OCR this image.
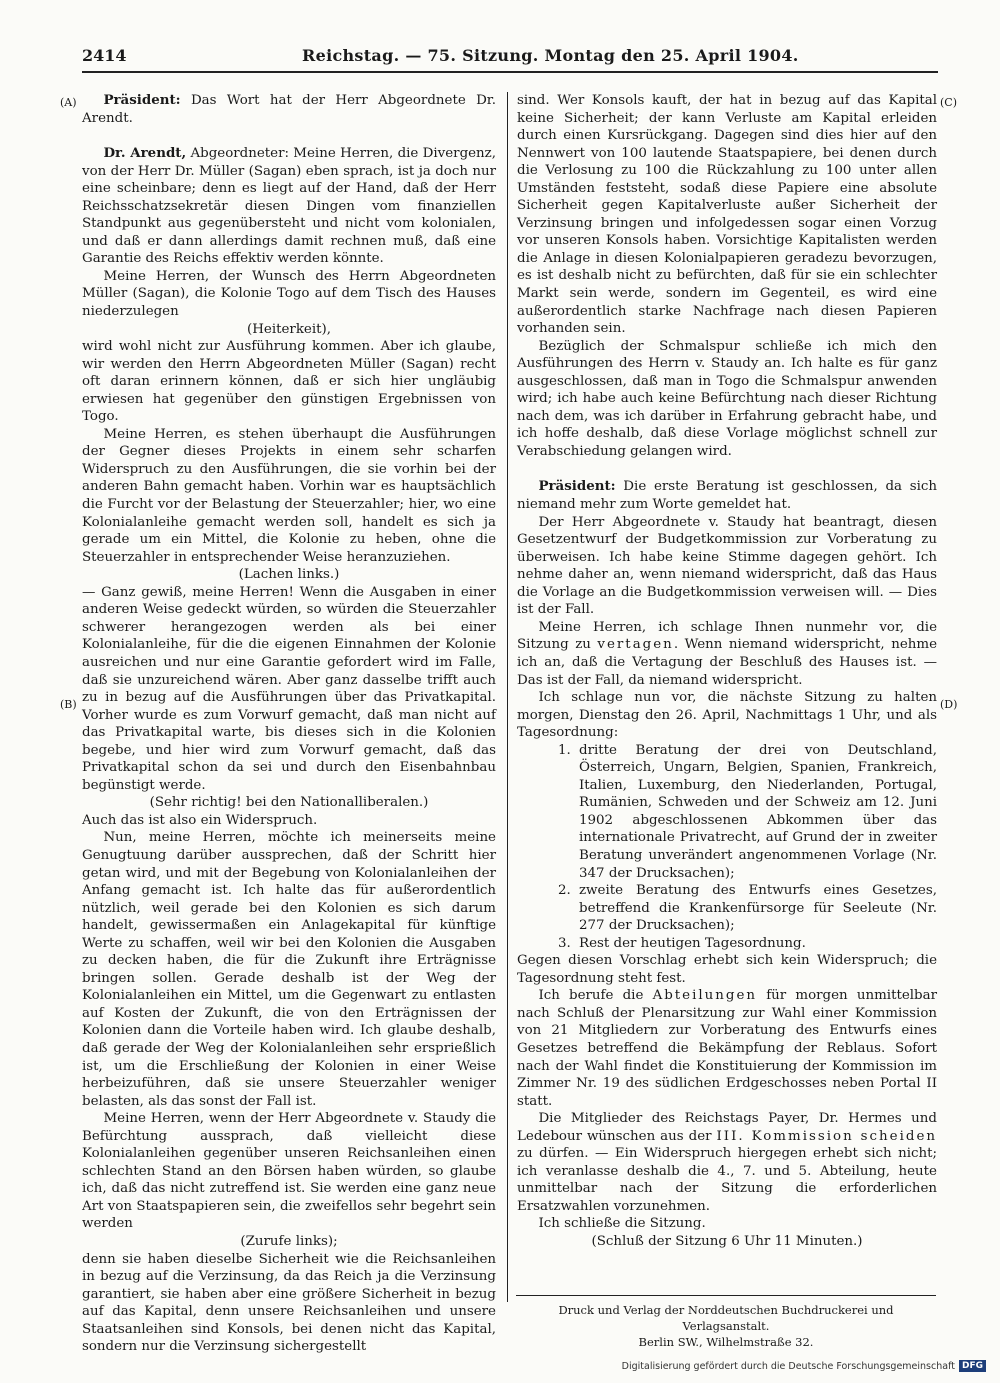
2414	Reichstag. — 75. Sitzung. Montag den 25. April 1904.
(A)
(B)
(C)
(D)

Präsident: Das Wort hat der Herr Abgeordnete Dr. Arendt.

Dr. Arendt, Abgeordneter: Meine Herren, die Divergenz, von der Herr Dr. Müller (Sagan) eben sprach, ist ja doch nur eine scheinbare; denn es liegt auf der Hand, daß der Herr Reichsschatzsekretär diesen Dingen vom finanziellen Standpunkt aus gegenübersteht und nicht vom kolonialen, und daß er dann allerdings damit rechnen muß, daß eine Garantie des Reichs effektiv werden könnte.

Meine Herren, der Wunsch des Herrn Abgeordneten Müller (Sagan), die Kolonie Togo auf dem Tisch des Hauses niederzulegen

(Heiterkeit),

wird wohl nicht zur Ausführung kommen. Aber ich glaube, wir werden den Herrn Abgeordneten Müller (Sagan) recht oft daran erinnern können, daß er sich hier ungläubig erwiesen hat gegenüber den günstigen Ergebnissen von Togo.

Meine Herren, es stehen überhaupt die Ausführungen der Gegner dieses Projekts in einem sehr scharfen Widerspruch zu den Ausführungen, die sie vorhin bei der anderen Bahn gemacht haben. Vorhin war es hauptsächlich die Furcht vor der Belastung der Steuerzahler; hier, wo eine Kolonialanleihe gemacht werden soll, handelt es sich ja gerade um ein Mittel, die Kolonie zu heben, ohne die Steuerzahler in entsprechender Weise heranzuziehen.

(Lachen links.)

— Ganz gewiß, meine Herren! Wenn die Ausgaben in einer anderen Weise gedeckt würden, so würden die Steuerzahler schwerer herangezogen werden als bei einer Kolonialanleihe, für die die eigenen Einnahmen der Kolonie ausreichen und nur eine Garantie gefordert wird im Falle, daß sie unzureichend wären. Aber ganz dasselbe trifft auch zu in bezug auf die Ausführungen über das Privatkapital. Vorher wurde es zum Vorwurf gemacht, daß man nicht auf das Privatkapital warte, bis dieses sich in die Kolonien begebe, und hier wird zum Vorwurf gemacht, daß das Privatkapital schon da sei und durch den Eisenbahnbau begünstigt werde.

(Sehr richtig! bei den Nationalliberalen.)

Auch das ist also ein Widerspruch.

Nun, meine Herren, möchte ich meinerseits meine Genugtuung darüber aussprechen, daß der Schritt hier getan wird, und mit der Begebung von Kolonialanleihen der Anfang gemacht ist. Ich halte das für außerordentlich nützlich, weil gerade bei den Kolonien es sich darum handelt, gewissermaßen ein Anlagekapital für künftige Werte zu schaffen, weil wir bei den Kolonien die Ausgaben zu decken haben, die für die Zukunft ihre Erträgnisse bringen sollen. Gerade deshalb ist der Weg der Kolonialanleihen ein Mittel, um die Gegenwart zu entlasten auf Kosten der Zukunft, die von den Erträgnissen der Kolonien dann die Vorteile haben wird. Ich glaube deshalb, daß gerade der Weg der Kolonialanleihen sehr ersprießlich ist, um die Erschließung der Kolonien in einer Weise herbeizuführen, daß sie unsere Steuerzahler weniger belasten, als das sonst der Fall ist.

Meine Herren, wenn der Herr Abgeordnete v. Staudy die Befürchtung aussprach, daß vielleicht diese Kolonialanleihen gegenüber unseren Reichsanleihen einen schlechten Stand an den Börsen haben würden, so glaube ich, daß das nicht zutreffend ist. Sie werden eine ganz neue Art von Staatspapieren sein, die zweifellos sehr begehrt sein werden

(Zurufe links);

denn sie haben dieselbe Sicherheit wie die Reichsanleihen in bezug auf die Verzinsung, da das Reich ja die Verzinsung garantiert, sie haben aber eine größere Sicherheit in bezug auf das Kapital, denn unsere Reichsanleihen und unsere Staatsanleihen sind Konsols, bei denen nicht das Kapital, sondern nur die Verzinsung sichergestellt

sind. Wer Konsols kauft, der hat in bezug auf das Kapital keine Sicherheit; der kann Verluste am Kapital erleiden durch einen Kursrückgang. Dagegen sind dies hier auf den Nennwert von 100 lautende Staatspapiere, bei denen durch die Verlosung zu 100 die Rückzahlung zu 100 unter allen Umständen feststeht, sodaß diese Papiere eine absolute Sicherheit gegen Kapitalverluste außer Sicherheit der Verzinsung bringen und infolgedessen sogar einen Vorzug vor unseren Konsols haben. Vorsichtige Kapitalisten werden die Anlage in diesen Kolonialpapieren geradezu bevorzugen, es ist deshalb nicht zu befürchten, daß für sie ein schlechter Markt sein werde, sondern im Gegenteil, es wird eine außerordentlich starke Nachfrage nach diesen Papieren vorhanden sein.

Bezüglich der Schmalspur schließe ich mich den Ausführungen des Herrn v. Staudy an. Ich halte es für ganz ausgeschlossen, daß man in Togo die Schmalspur anwenden wird; ich habe auch keine Befürchtung nach dieser Richtung nach dem, was ich darüber in Erfahrung gebracht habe, und ich hoffe deshalb, daß diese Vorlage möglichst schnell zur Verabschiedung gelangen wird.

Präsident: Die erste Beratung ist geschlossen, da sich niemand mehr zum Worte gemeldet hat.

Der Herr Abgeordnete v. Staudy hat beantragt, diesen Gesetzentwurf der Budgetkommission zur Vorberatung zu überweisen. Ich habe keine Stimme dagegen gehört. Ich nehme daher an, wenn niemand widerspricht, daß das Haus die Vorlage an die Budgetkommission verweisen will. — Dies ist der Fall.

Meine Herren, ich schlage Ihnen nunmehr vor, die Sitzung zu vertagen. Wenn niemand widerspricht, nehme ich an, daß die Vertagung der Beschluß des Hauses ist. — Das ist der Fall, da niemand widerspricht.

Ich schlage nun vor, die nächste Sitzung zu halten morgen, Dienstag den 26. April, Nachmittags 1 Uhr, und als Tagesordnung:

1. dritte Beratung der drei von Deutschland, Österreich, Ungarn, Belgien, Spanien, Frankreich, Italien, Luxemburg, den Niederlanden, Portugal, Rumänien, Schweden und der Schweiz am 12. Juni 1902 abgeschlossenen Abkommen über das internationale Privatrecht, auf Grund der in zweiter Beratung unverändert angenommenen Vorlage (Nr. 347 der Drucksachen);
2. zweite Beratung des Entwurfs eines Gesetzes, betreffend die Krankenfürsorge für Seeleute (Nr. 277 der Drucksachen);
3. Rest der heutigen Tagesordnung.

Gegen diesen Vorschlag erhebt sich kein Widerspruch; die Tagesordnung steht fest.

Ich berufe die Abteilungen für morgen unmittelbar nach Schluß der Plenarsitzung zur Wahl einer Kommission von 21 Mitgliedern zur Vorberatung des Entwurfs eines Gesetzes betreffend die Bekämpfung der Reblaus. Sofort nach der Wahl findet die Konstituierung der Kommission im Zimmer Nr. 19 des südlichen Erdgeschosses neben Portal II statt.

Die Mitglieder des Reichstags Payer, Dr. Hermes und Ledebour wünschen aus der III. Kommission scheiden zu dürfen. — Ein Widerspruch hiergegen erhebt sich nicht; ich veranlasse deshalb die 4., 7. und 5. Abteilung, heute unmittelbar nach der Sitzung die erforderlichen Ersatzwahlen vorzunehmen.

Ich schließe die Sitzung.

(Schluß der Sitzung 6 Uhr 11 Minuten.)

Druck und Verlag der Norddeutschen Buchdruckerei und Verlagsanstalt.
Berlin SW., Wilhelmstraße 32.
Digitalisierung gefördert durch die Deutsche Forschungsgemeinschaft DFG
